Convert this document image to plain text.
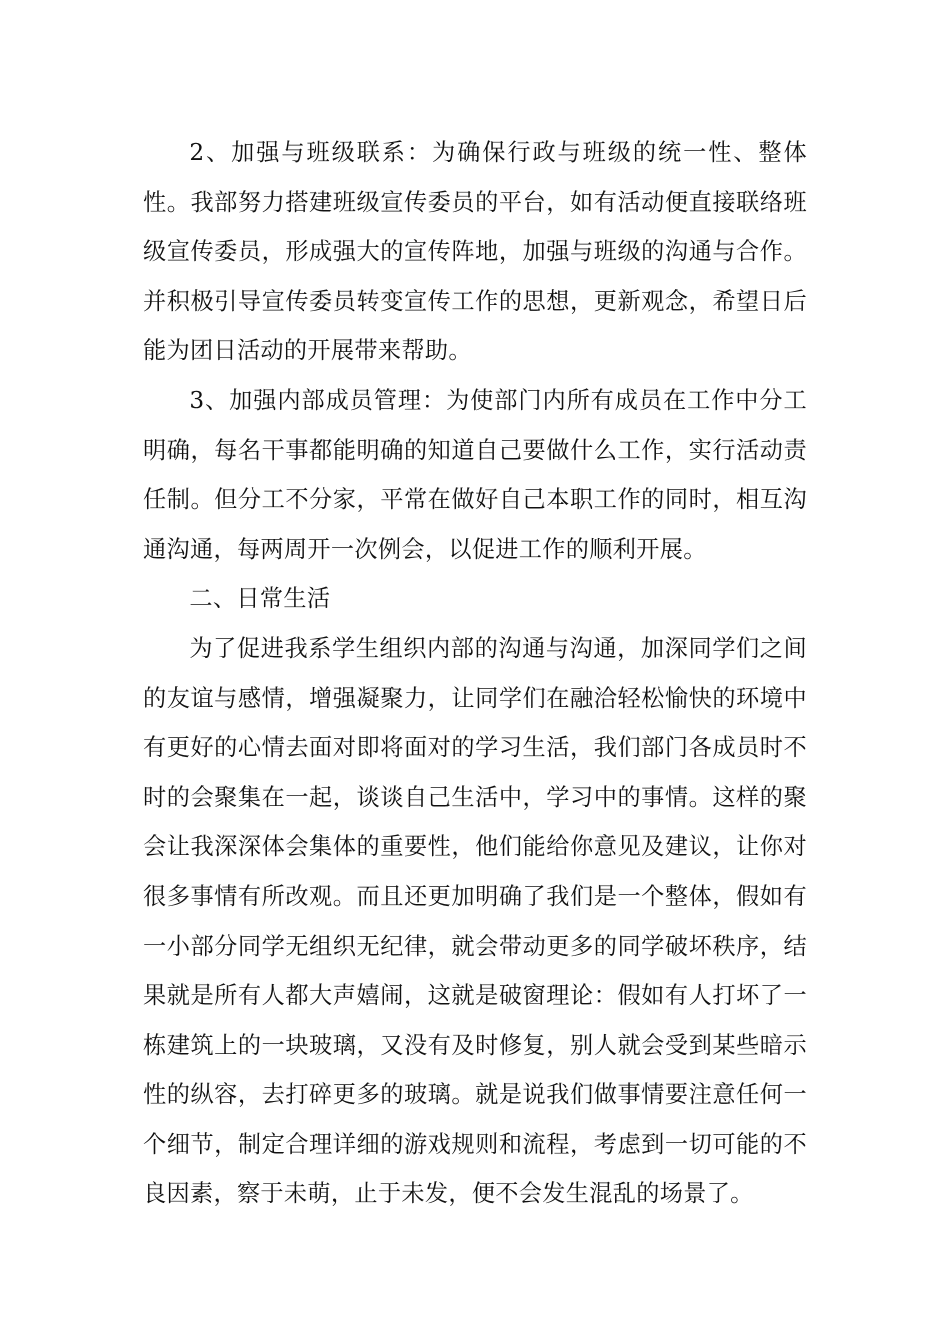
2、加强与班级联系：为确保行政与班级的统一性、整体性。我部努力搭建班级宣传委员的平台，如有活动便直接联络班级宣传委员，形成强大的宣传阵地，加强与班级的沟通与合作。并积极引导宣传委员转变宣传工作的思想，更新观念，希望日后能为团日活动的开展带来帮助。

3、加强内部成员管理：为使部门内所有成员在工作中分工明确，每名干事都能明确的知道自己要做什么工作，实行活动责任制。但分工不分家，平常在做好自己本职工作的同时，相互沟通沟通，每两周开一次例会，以促进工作的顺利开展。

二、日常生活

为了促进我系学生组织内部的沟通与沟通，加深同学们之间的友谊与感情，增强凝聚力，让同学们在融洽轻松愉快的环境中有更好的心情去面对即将面对的学习生活，我们部门各成员时不时的会聚集在一起，谈谈自己生活中，学习中的事情。这样的聚会让我深深体会集体的重要性，他们能给你意见及建议，让你对很多事情有所改观。而且还更加明确了我们是一个整体，假如有一小部分同学无组织无纪律，就会带动更多的同学破坏秩序，结果就是所有人都大声嬉闹，这就是破窗理论：假如有人打坏了一栋建筑上的一块玻璃，又没有及时修复，别人就会受到某些暗示性的纵容，去打碎更多的玻璃。就是说我们做事情要注意任何一个细节，制定合理详细的游戏规则和流程，考虑到一切可能的不良因素，察于未萌，止于未发，便不会发生混乱的场景了。
